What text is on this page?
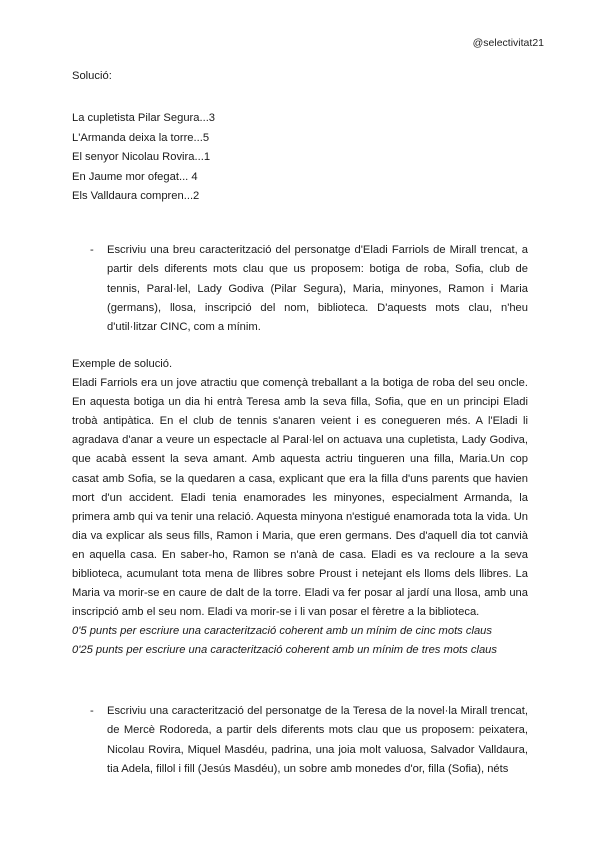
@selectivitat21
Solució:
La cupletista Pilar Segura...3
L'Armanda deixa la torre...5
El senyor Nicolau Rovira...1
En Jaume mor ofegat... 4
Els Valldaura compren...2
- Escriviu una breu caracterització del personatge d'Eladi Farriols de Mirall trencat, a partir dels diferents mots clau que us proposem: botiga de roba, Sofia, club de tennis, Paral·lel, Lady Godiva (Pilar Segura), Maria, minyones, Ramon i Maria (germans), llosa, inscripció del nom, biblioteca. D'aquests mots clau, n'heu d'util·litzar CINC, com a mínim.

Exemple de solució.

Eladi Farriols era un jove atractiu que començà treballant a la botiga de roba del seu oncle. En aquesta botiga un dia hi entrà Teresa amb la seva filla, Sofia, que en un principi Eladi trobà antipàtica. En el club de tennis s'anaren veient i es conegueren més. A l'Eladi li agradava d'anar a veure un espectacle al Paral·lel on actuava una cupletista, Lady Godiva, que acabà essent la seva amant. Amb aquesta actriu tingueren una filla, Maria.Un cop casat amb Sofia, se la quedaren a casa, explicant que era la filla d'uns parents que havien mort d'un accident. Eladi tenia enamorades les minyones, especialment Armanda, la primera amb qui va tenir una relació. Aquesta minyona n'estigué enamorada tota la vida. Un dia va explicar als seus fills, Ramon i Maria, que eren germans. Des d'aquell dia tot canvià en aquella casa. En saber-ho, Ramon se n'anà de casa. Eladi es va recloure a la seva biblioteca, acumulant tota mena de llibres sobre Proust i netejant els lloms dels llibres. La Maria va morir-se en caure de dalt de la torre. Eladi va fer posar al jardí una llosa, amb una inscripció amb el seu nom. Eladi va morir-se i li van posar el fèretre a la biblioteca.

0'5 punts per escriure una caracterització coherent amb un mínim de cinc mots claus

0'25 punts per escriure una caracterització coherent amb un mínim de tres mots claus

- Escriviu una caracterització del personatge de la Teresa de la novel·la Mirall trencat, de Mercè Rodoreda, a partir dels diferents mots clau que us proposem: peixatera, Nicolau Rovira, Miquel Masdéu, padrina, una joia molt valuosa, Salvador Valldaura, tia Adela, fillol i fill (Jesús Masdéu), un sobre amb monedes d'or, filla (Sofia), néts
